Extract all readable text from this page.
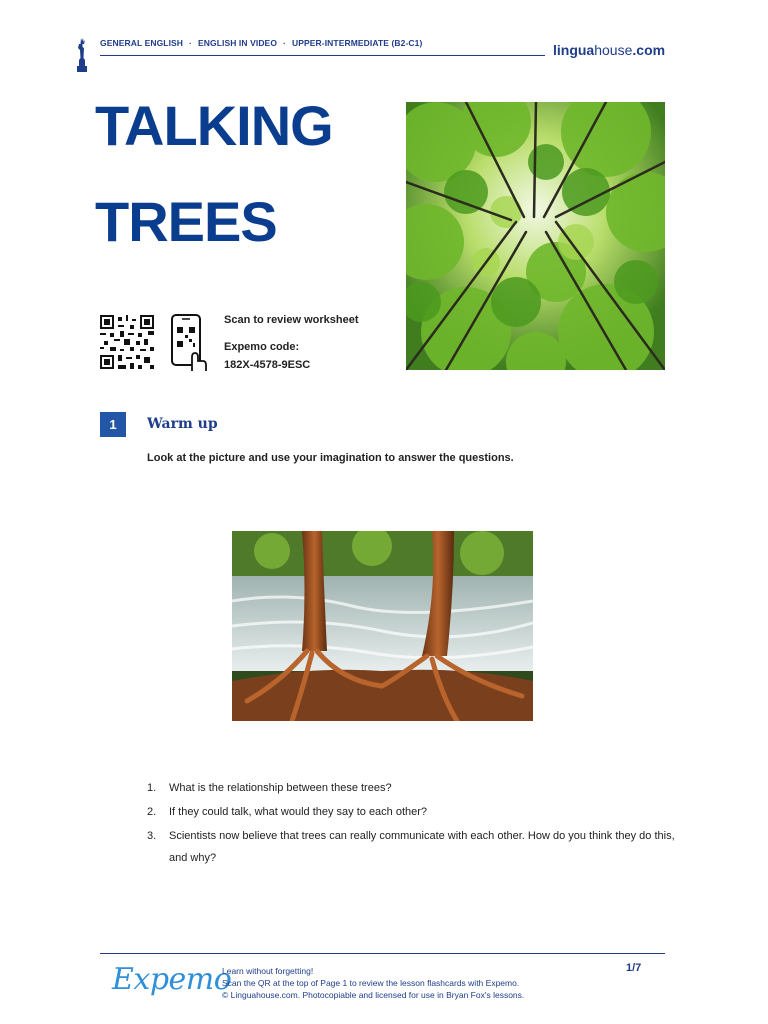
GENERAL ENGLISH · ENGLISH IN VIDEO · UPPER-INTERMEDIATE (B2-C1)	linguahouse.com
TALKING
TREES
Scan to review worksheet
Expemo code:
182X-4578-9ESC
1	Warm up
Look at the picture and use your imagination to answer the questions.
1.	What is the relationship between these trees?
2.	If they could talk, what would they say to each other?
3.	Scientists now believe that trees can really communicate with each other. How do you think they do this, and why?
Expemo
Learn without forgetting!
Scan the QR at the top of Page 1 to review the lesson flashcards with Expemo.
© Linguahouse.com. Photocopiable and licensed for use in Bryan Fox's lessons.
1/7
